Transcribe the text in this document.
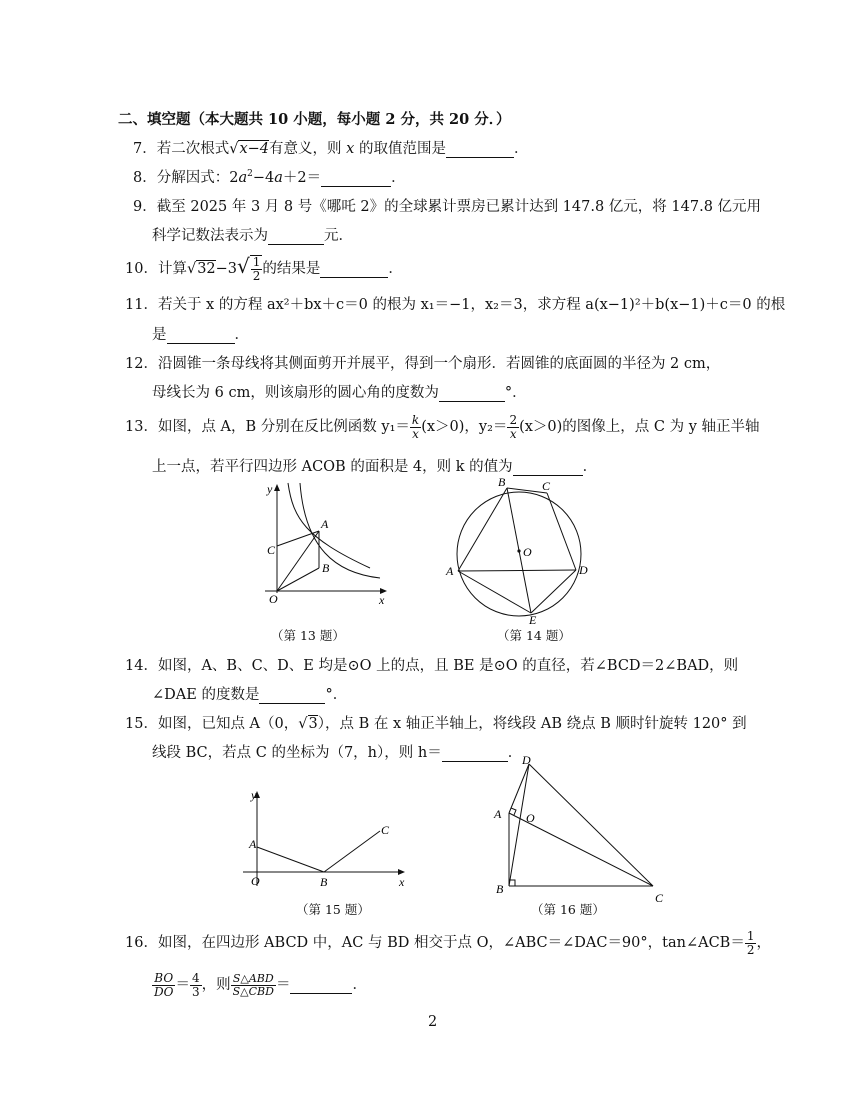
二、填空题（本大题共 10 小题，每小题 2 分，共 20 分．）
7．若二次根式√x−4有意义，则 x 的取值范围是	．
8．分解因式：$2a^2-4a+2=$	．
9．截至 2025 年 3 月 8 号《哪吒 2》的全球累计票房已累计达到 147.8 亿元，将 147.8 亿元用
科学记数法表示为	元．
10．计算$√32-3√ \frac{1}{2}$ 的结果是	．
11．若关于 x 的方程 ax²＋bx＋c＝0 的根为 x₁＝−1，x₂＝3，求方程 a(x−1)²＋b(x−1)＋c＝0 的根
是	．
12．沿圆锥一条母线将其侧面剪开并展平，得到一个扇形．若圆锥的底面圆的半径为 2 cm，
母线长为 6 cm，则该扇形的圆心角的度数为	°．
13．如图，点 A，B 分别在反比例函数 $y_1= \frac{k}{x} (x>0)$，$y_2= \frac{2}{x} (x>0)$的图像上，点 C 为 y 轴正半轴
上一点，若平行四边形 ACOB 的面积是 4，则 k 的值为	．
y
x
O
A
B
C
（第 13 题）
O
B	C
A	D
E
（第 14 题）
14．如图，A、B、C、D、E 均是⊙O 上的点，且 BE 是⊙O 的直径，若∠BCD＝2∠BAD，则
∠DAE 的度数是	°．
15．如图，已知点 A（0，√3），点 B 在 x 轴正半轴上，将线段 AB 绕点 B 顺时针旋转 120° 到
线段 BC，若点 C 的坐标为（7，h），则 h＝	．
y
x
O
A
B
C
（第 15 题）
D
A O
B
C
（第 16 题）
16．如图，在四边形 ABCD 中，AC 与 BD 相交于点 O，∠ABC＝∠DAC＝90°，tan∠ACB＝ $\frac{1}{2}$ ，
$\frac{BO}{DO} = \frac{4}{3}$ ，则 $\frac{\text{S△ABD}}{\text{S△CBD}}$ ＝	．
2
